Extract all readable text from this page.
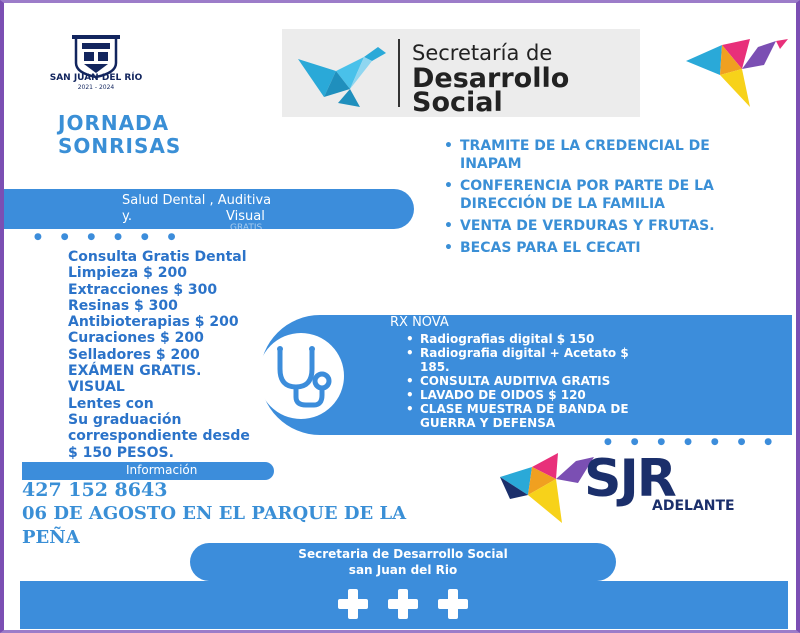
SAN JUAN DEL RÍO
2021 - 2024
Secretaría de
Desarrollo
Social
JORNADA
SONRISAS
Salud Dental , Auditiva
y.	Visual
GRATIS
● ● ● ● ● ●
Consulta Gratis Dental
Limpieza $ 200
Extracciones $ 300
Resinas $ 300
Antibioterapias $ 200
Curaciones $ 200
Selladores $ 200
EXÁMEN GRATIS.
VISUAL
Lentes con
Su graduación
correspondiente desde
$ 150 PESOS.
• TRAMITE DE LA CREDENCIAL DE INAPAM
• CONFERENCIA POR PARTE DE LA DIRECCIÓN DE LA FAMILIA
• VENTA DE VERDURAS Y FRUTAS.
• BECAS PARA EL CECATI
RX NOVA
• Radiografias digital $ 150
• Radiografia digital + Acetato $
185.
• CONSULTA AUDITIVA GRATIS
• LAVADO DE OIDOS $ 120
• CLASE MUESTRA DE BANDA DE
GUERRA Y DEFENSA
● ● ● ● ● ● ●
Información
427 152 8643
06 DE AGOSTO EN EL PARQUE DE LA
PEÑA
SJR
ADELANTE
Secretaria de Desarrollo Social
san Juan del Rio
